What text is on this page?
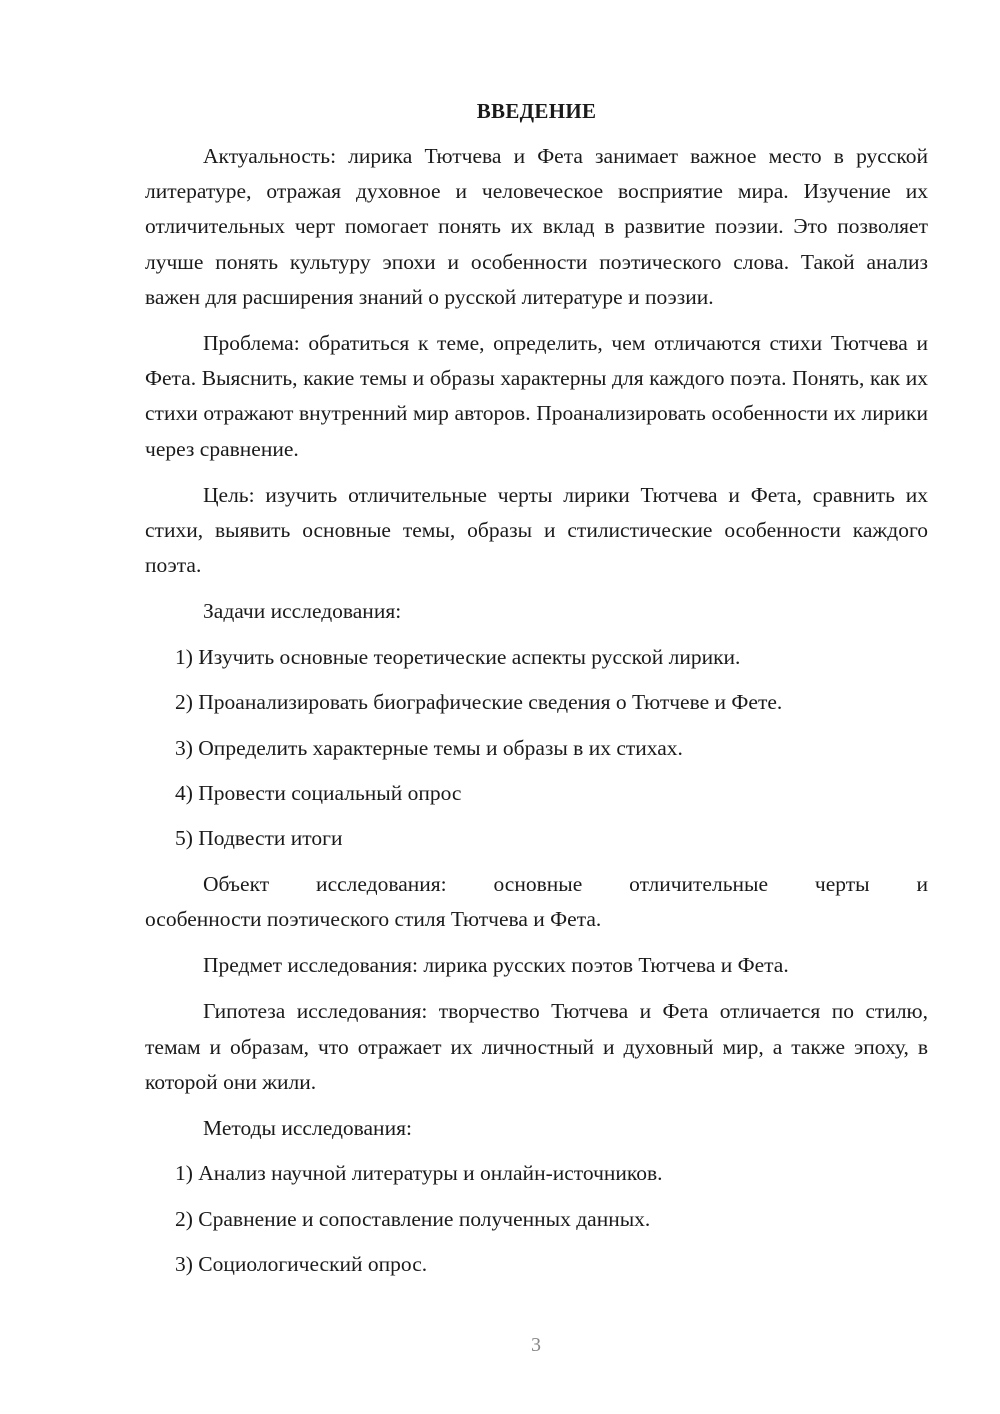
ВВЕДЕНИЕ

Актуальность: лирика Тютчева и Фета занимает важное место в русской литературе, отражая духовное и человеческое восприятие мира. Изучение их отличительных черт помогает понять их вклад в развитие поэзии. Это позволяет лучше понять культуру эпохи и особенности поэтического слова. Такой анализ важен для расширения знаний о русской литературе и поэзии.

Проблема: обратиться к теме, определить, чем отличаются стихи Тютчева и Фета. Выяснить, какие темы и образы характерны для каждого поэта. Понять, как их стихи отражают внутренний мир авторов. Проанализировать особенности их лирики через сравнение.

Цель: изучить отличительные черты лирики Тютчева и Фета, сравнить их стихи, выявить основные темы, образы и стилистические особенности каждого поэта.

Задачи исследования:
1) Изучить основные теоретические аспекты русской лирики.
2) Проанализировать биографические сведения о Тютчеве и Фете.
3) Определить характерные темы и образы в их стихах.
4) Провести социальный опрос
5) Подвести итоги

Объект исследования: основные отличительные черты и
особенности поэтического стиля Тютчева и Фета.

Предмет исследования: лирика русских поэтов Тютчева и Фета.

Гипотеза исследования: творчество Тютчева и Фета отличается по стилю, темам и образам, что отражает их личностный и духовный мир, а также эпоху, в которой они жили.

Методы исследования:
1) Анализ научной литературы и онлайн-источников.
2) Сравнение и сопоставление полученных данных.
3) Социологический опрос.
3
